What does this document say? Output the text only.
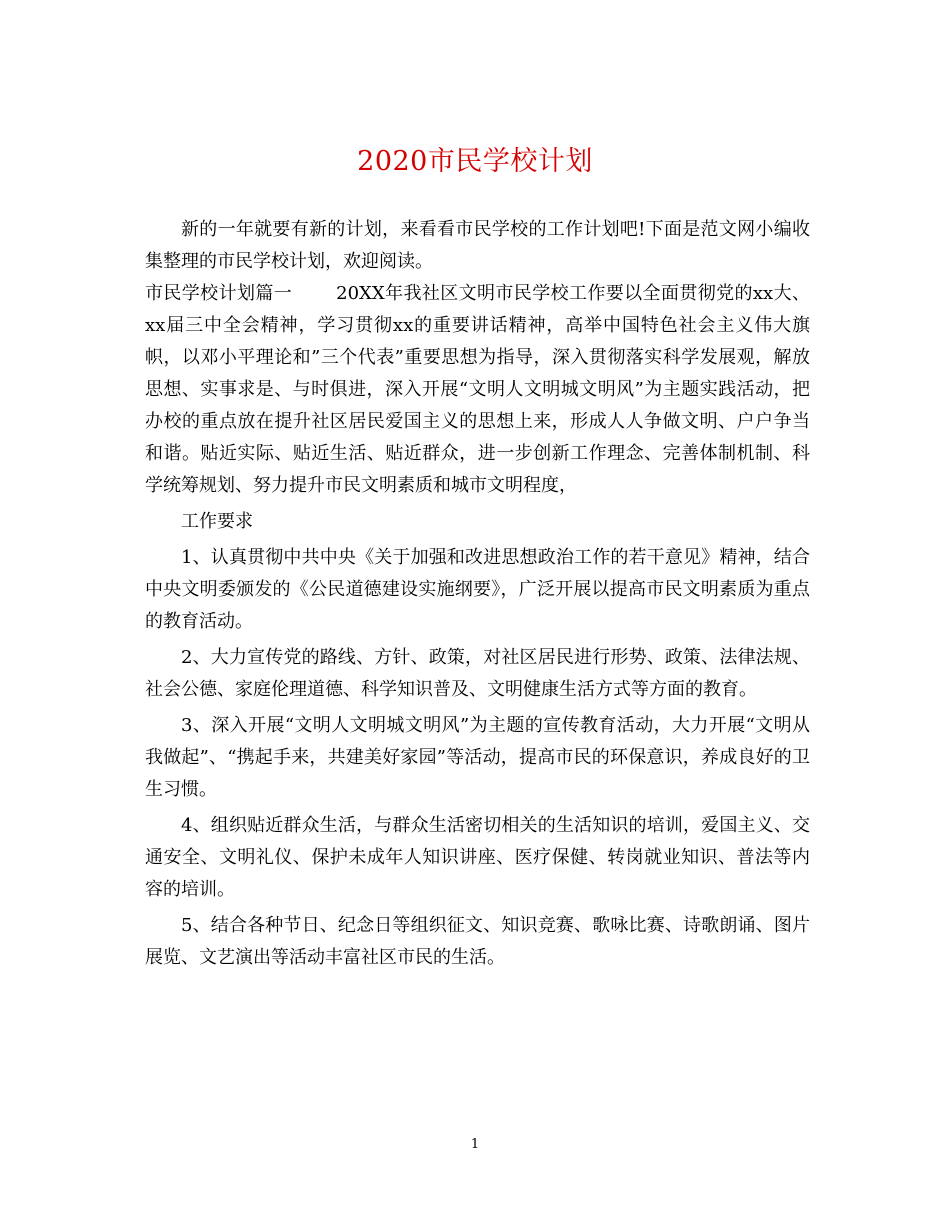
2020市民学校计划

新的一年就要有新的计划，来看看市民学校的工作计划吧!下面是范文网小编收集整理的市民学校计划，欢迎阅读。

市民学校计划篇一 20XX年我社区文明市民学校工作要以全面贯彻党的xx大、xx届三中全会精神，学习贯彻xx的重要讲话精神，高举中国特色社会主义伟大旗帜，以邓小平理论和”三个代表”重要思想为指导，深入贯彻落实科学发展观，解放思想、实事求是、与时俱进，深入开展“文明人文明城文明风”为主题实践活动，把办校的重点放在提升社区居民爱国主义的思想上来，形成人人争做文明、户户争当和谐。贴近实际、贴近生活、贴近群众，进一步创新工作理念、完善体制机制、科学统筹规划、努力提升市民文明素质和城市文明程度，

工作要求

1、认真贯彻中共中央《关于加强和改进思想政治工作的若干意见》精神，结合中央文明委颁发的《公民道德建设实施纲要》，广泛开展以提高市民文明素质为重点的教育活动。

2、大力宣传党的路线、方针、政策，对社区居民进行形势、政策、法律法规、社会公德、家庭伦理道德、科学知识普及、文明健康生活方式等方面的教育。

3、深入开展“文明人文明城文明风”为主题的宣传教育活动，大力开展“文明从我做起”、“携起手来，共建美好家园”等活动，提高市民的环保意识，养成良好的卫生习惯。

4、组织贴近群众生活，与群众生活密切相关的生活知识的培训，爱国主义、交通安全、文明礼仪、保护未成年人知识讲座、医疗保健、转岗就业知识、普法等内容的培训。

5、结合各种节日、纪念日等组织征文、知识竞赛、歌咏比赛、诗歌朗诵、图片展览、文艺演出等活动丰富社区市民的生活。

1
